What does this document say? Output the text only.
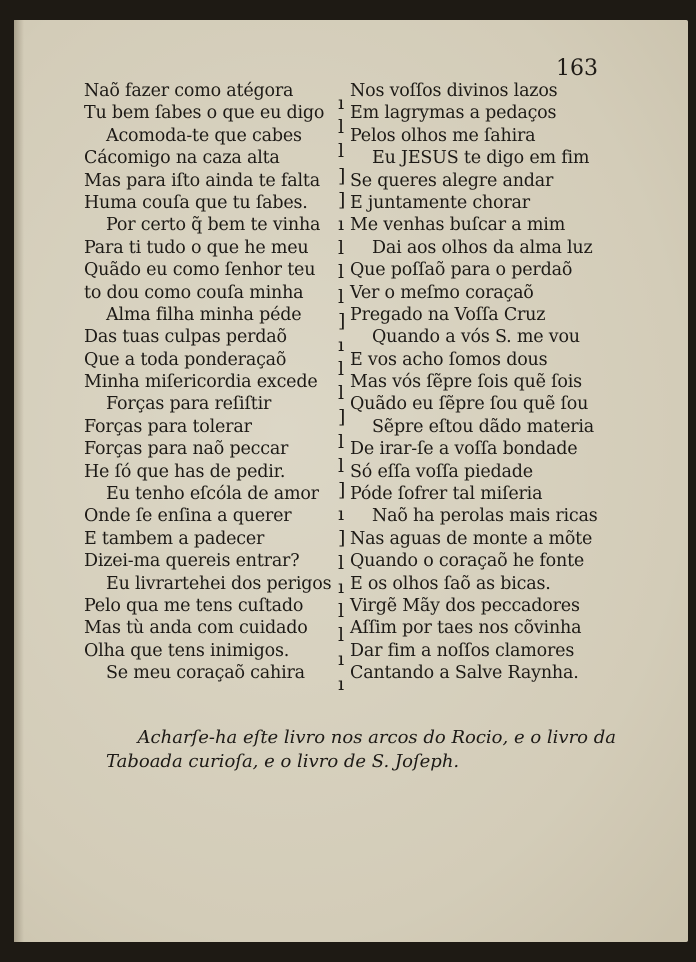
163
Naõ fazer como atégora
Tu bem ſabes o que eu digo
Acomoda-te que cabes
Cácomigo na caza alta
Mas para iſto ainda te falta
Huma couſa que tu ſabes.
Por certo q̃ bem te vinha
Para ti tudo o que he meu
Quãdo eu como ſenhor teu
to dou como couſa minha
Alma filha minha péde
Das tuas culpas perdaõ
Que a toda ponderaçaõ
Minha miſericordia excede
Forças para reſiſtir
Forças para tolerar
Forças para naõ peccar
He ſó que has de pedir.
Eu tenho eſcóla de amor
Onde ſe enſina a querer
E tambem a padecer
Dizei-ma quereis entrar?
Eu livrartehei dos perigos
Pelo qua me tens cuſtado
Mas tù anda com cuidado
Olha que tens inimigos.
Se meu coraçaõ cahira
ı
l
l
]
]
ı
l
l
l
]
ı
l
l
]
l
l
]
ı
]
l
ı
l
l
ı
ı
Nos voſſos divinos lazos
Em lagrymas a pedaços
Pelos olhos me ſahira
Eu JESUS te digo em fim
Se queres alegre andar
E juntamente chorar
Me venhas buſcar a mim
Dai aos olhos da alma luz
Que poſſaõ para o perdaõ
Ver o meſmo coraçaõ
Pregado na Voſſa Cruz
Quando a vós S. me vou
E vos acho ſomos dous
Mas vós ſẽpre ſois quẽ ſois
Quãdo eu ſẽpre ſou quẽ ſou
Sẽpre eſtou dãdo materia
De irar-ſe a voſſa bondade
Só eſſa voſſa piedade
Póde ſofrer tal miſeria
Naõ ha perolas mais ricas
Nas aguas de monte a mõte
Quando o coraçaõ he fonte
E os olhos ſaõ as bicas.
Virgẽ Mãy dos peccadores
Aſſim por taes nos cõvinha
Dar fim a noſſos clamores
Cantando a Salve Raynha.
Acharſe-ha eſte livro nos arcos do Rocio, e o livro da
Taboada curioſa, e o livro de S. Joſeph.
